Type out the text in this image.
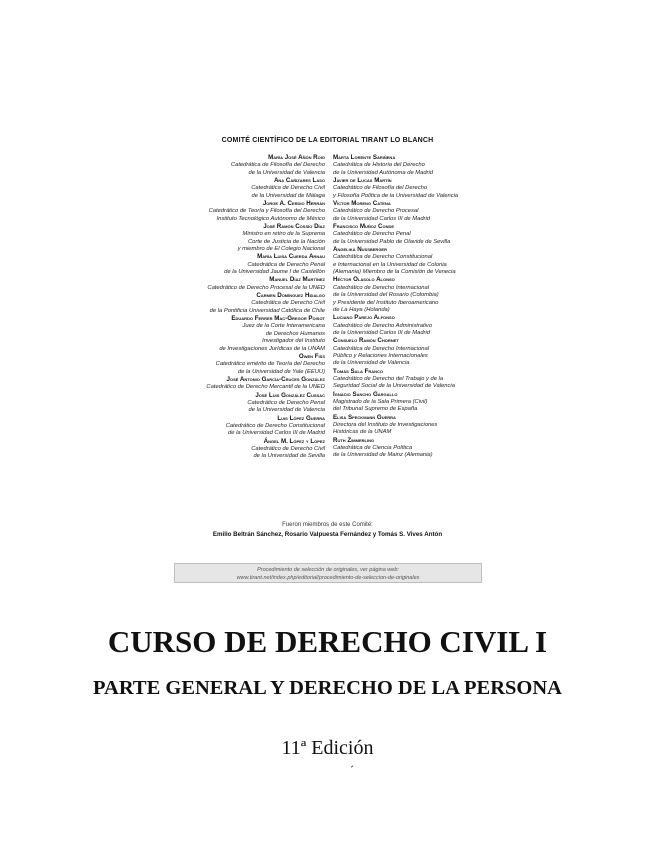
COMITÉ CIENTÍFICO DE LA EDITORIAL TIRANT LO BLANCH
María José Añón Roig
Catedrática de Filosofía del Derecho
de la Universidad de Valencia
Ana Cañizares Laso
Catedrática de Derecho Civil
de la Universidad de Málaga
Jorge A. Cerdio Herrán
Catedrático de Teoría y Filosofía del Derecho
Instituto Tecnológico Autónomo de México
José Ramón Cossío Díaz
Ministro en retiro de la Suprema
Corte de Justicia de la Nación
y miembro de El Colegio Nacional
María Luisa Cuerda Arnau
Catedrática de Derecho Penal
de la Universidad Jaume I de Castellón
Manuel Díaz Martínez
Catedrático de Derecho Procesal de la UNED
Carmen Domínguez Hidalgo
Catedrática de Derecho Civil
de la Pontificia Universidad Católica de Chile
Eduardo Ferrer Mac-Gregor Poisot
Juez de la Corte Interamericana
de Derechos Humanos
Investigador del Instituto
de Investigaciones Jurídicas de la UNAM
Owen Fiss
Catedrático emérito de Teoría del Derecho
de la Universidad de Yale (EEUU)
José Antonio García-Cruces González
Catedrático de Derecho Mercantil de la UNED
José Luis González Cussac
Catedrático de Derecho Penal
de la Universidad de Valencia
Luis López Guerra
Catedrático de Derecho Constitucional
de la Universidad Carlos III de Madrid
Ángel M. López y López
Catedrático de Derecho Civil
de la Universidad de Sevilla
Marta Lorente Sariñena
Catedrática de Historia del Derecho
de la Universidad Autónoma de Madrid
Javier de Lucas Martín
Catedrático de Filosofía del Derecho
y Filosofía Política de la Universidad de Valencia
Víctor Moreno Catena
Catedrático de Derecho Procesal
de la Universidad Carlos III de Madrid
Francisco Muñoz Conde
Catedrático de Derecho Penal
de la Universidad Pablo de Olavide de Sevilla
Angelika Nussberger
Catedrática de Derecho Constitucional
e Internacional en la Universidad de Colonia
(Alemania) Miembro de la Comisión de Venecia
Héctor Olasolo Alonso
Catedrático de Derecho Internacional
de la Universidad del Rosario (Colombia)
y Presidente del Instituto Iberoamericano
de La Haya (Holanda)
Luciano Parejo Alfonso
Catedrático de Derecho Administrativo
de la Universidad Carlos III de Madrid
Consuelo Ramón Chornet
Catedrática de Derecho Internacional
Público y Relaciones Internacionales
de la Universidad de Valencia
Tomás Sala Franco
Catedrático de Derecho del Trabajo y de la
Seguridad Social de la Universidad de Valencia
Ignacio Sancho Gargallo
Magistrado de la Sala Primera (Civil)
del Tribunal Supremo de España
Elisa Speckmann Guerra
Directora del Instituto de Investigaciones
Históricas de la UNAM
Ruth Zimmerling
Catedrática de Ciencia Política
de la Universidad de Mainz (Alemania)
Fueron miembros de este Comité:
Emilio Beltrán Sánchez, Rosario Valpuesta Fernández y Tomás S. Vives Antón
Procedimiento de selección de originales, ver página web:
www.tirant.net/index.php/editorial/procedimiento-de-seleccion-de-originales
CURSO DE DERECHO CIVIL I
PARTE GENERAL Y DERECHO DE LA PERSONA
11ª Edición
´
